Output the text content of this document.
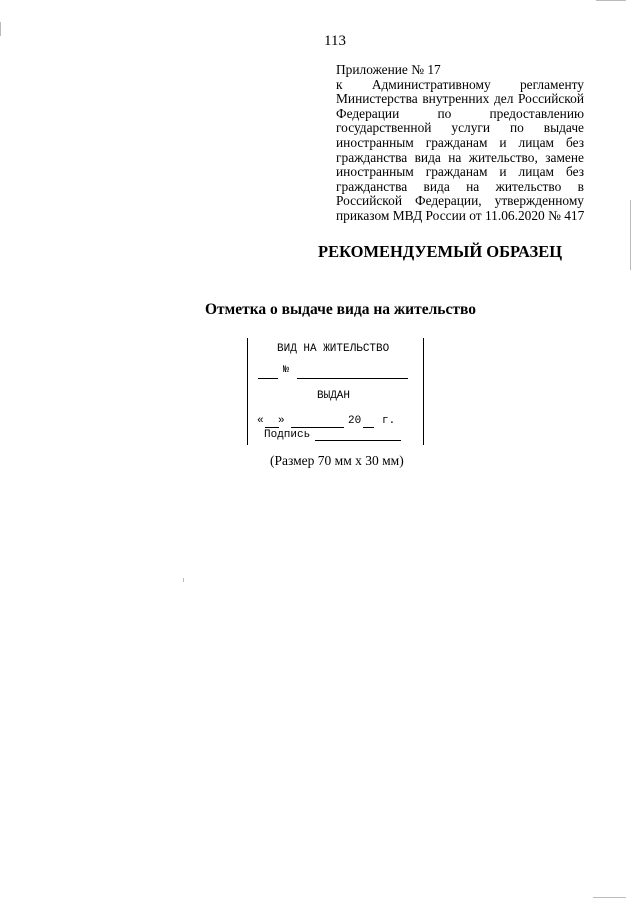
113
Приложение № 17
к Административному регламенту
Министерства внутренних дел Российской
Федерации по предоставлению
государственной услуги по выдаче
иностранным гражданам и лицам без
гражданства вида на жительство, замене
иностранным гражданам и лицам без
гражданства вида на жительство в
Российской Федерации, утвержденному
приказом МВД России от 11.06.2020 № 417
РЕКОМЕНДУЕМЫЙ ОБРАЗЕЦ
Отметка о выдаче вида на жительство
ВИД НА ЖИТЕЛЬСТВО
№
ВЫДАН
« »	20 г.
Подпись
(Размер 70 мм х 30 мм)
